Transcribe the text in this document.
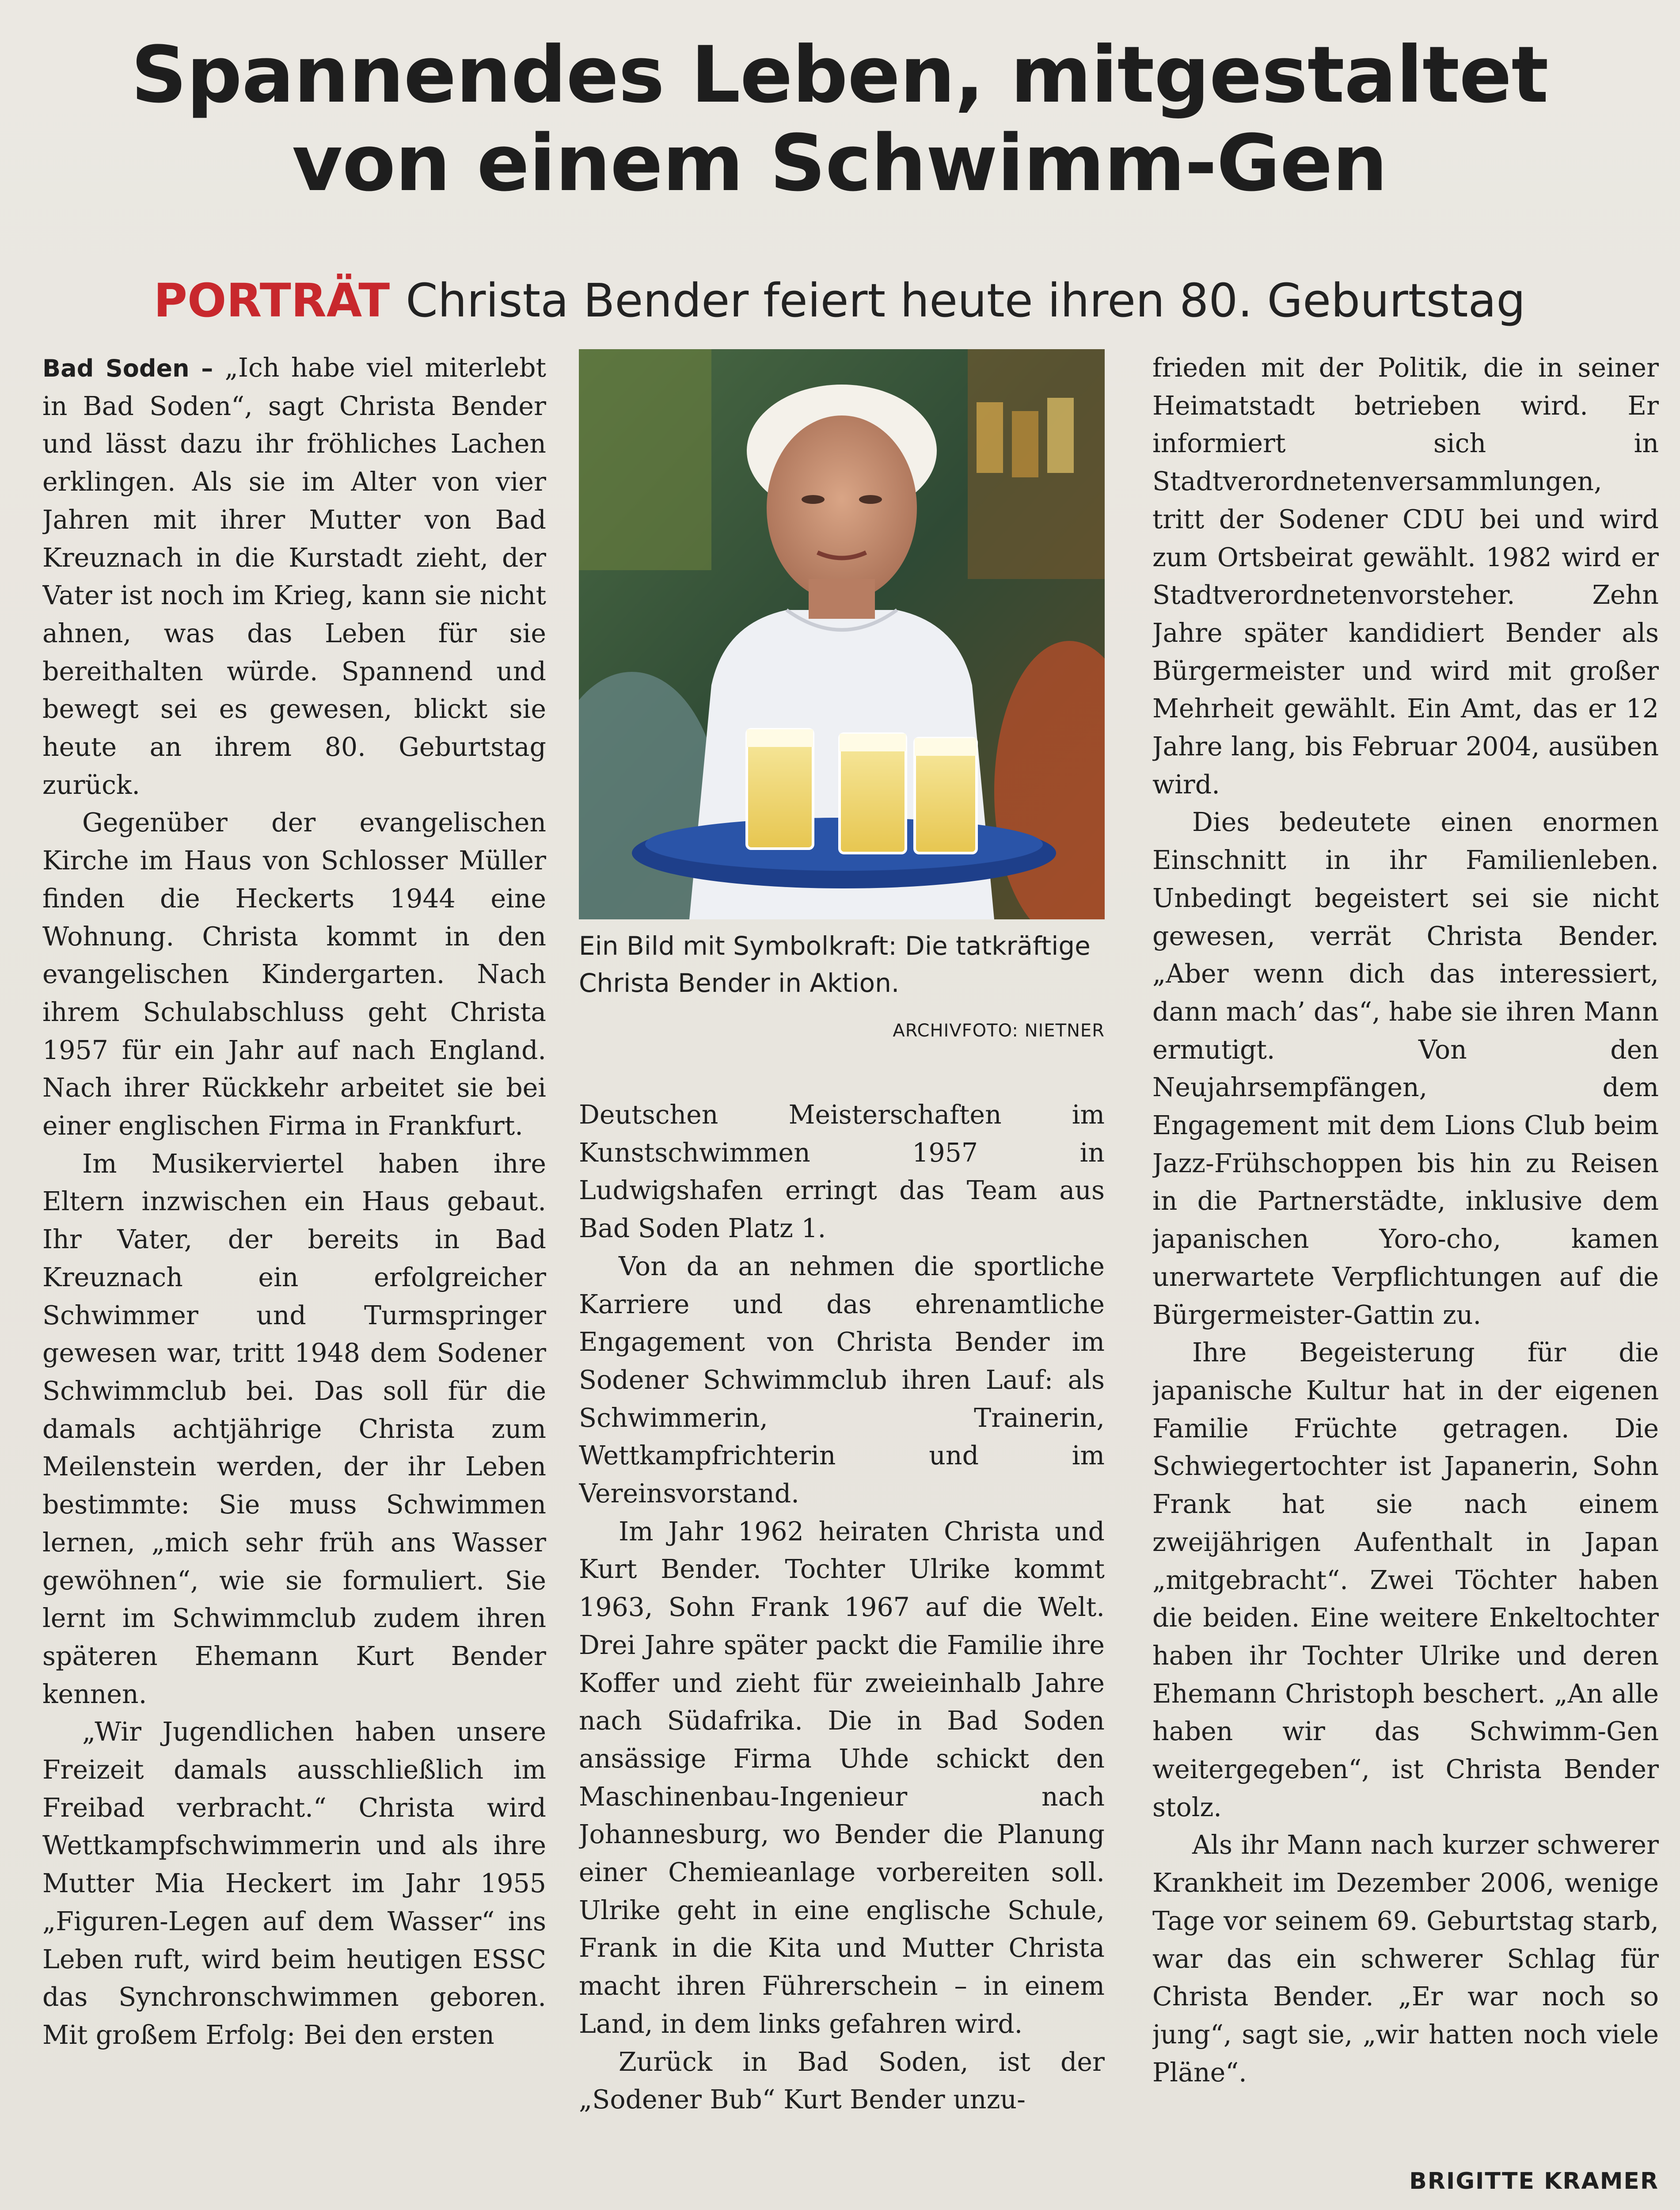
Spannendes Leben, mitgestaltet
von einem Schwimm-Gen
PORTRÄT Christa Bender feiert heute ihren 80. Geburtstag

Bad Soden – „Ich habe viel miterlebt in Bad Soden“, sagt Christa Bender und lässt dazu ihr fröhliches Lachen erklingen. Als sie im Alter von vier Jahren mit ihrer Mutter von Bad Kreuznach in die Kurstadt zieht, der Vater ist noch im Krieg, kann sie nicht ahnen, was das Leben für sie bereithalten würde. Spannend und bewegt sei es gewesen, blickt sie heute an ihrem 80. Geburtstag zurück.

Gegenüber der evangelischen Kirche im Haus von Schlosser Müller finden die Heckerts 1944 eine Wohnung. Christa kommt in den evangelischen Kindergarten. Nach ihrem Schulabschluss geht Christa 1957 für ein Jahr auf nach England. Nach ihrer Rückkehr arbeitet sie bei einer englischen Firma in Frankfurt.

Im Musikerviertel haben ihre Eltern inzwischen ein Haus gebaut. Ihr Vater, der bereits in Bad Kreuznach ein erfolgreicher Schwimmer und Turmspringer gewesen war, tritt 1948 dem Sodener Schwimmclub bei. Das soll für die damals achtjährige Christa zum Meilenstein werden, der ihr Leben bestimmte: Sie muss Schwimmen lernen, „mich sehr früh ans Wasser gewöhnen“, wie sie formuliert. Sie lernt im Schwimmclub zudem ihren späteren Ehemann Kurt Bender kennen.

„Wir Jugendlichen haben unsere Freizeit damals ausschließlich im Freibad verbracht.“ Christa wird Wettkampfschwimmerin und als ihre Mutter Mia Heckert im Jahr 1955 „Figuren-Legen auf dem Wasser“ ins Leben ruft, wird beim heutigen ESSC das Synchronschwimmen geboren. Mit großem Erfolg: Bei den ersten

Ein Bild mit Symbolkraft: Die tatkräftige Christa Bender in Aktion.
ARCHIVFOTO: NIETNER

Deutschen Meisterschaften im Kunstschwimmen 1957 in Ludwigshafen erringt das Team aus Bad Soden Platz 1.

Von da an nehmen die sportliche Karriere und das ehrenamtliche Engagement von Christa Bender im Sodener Schwimmclub ihren Lauf: als Schwimmerin, Trainerin, Wettkampfrichterin und im Vereinsvorstand.

Im Jahr 1962 heiraten Christa und Kurt Bender. Tochter Ulrike kommt 1963, Sohn Frank 1967 auf die Welt. Drei Jahre später packt die Familie ihre Koffer und zieht für zweieinhalb Jahre nach Südafrika. Die in Bad Soden ansässige Firma Uhde schickt den Maschinenbau-Ingenieur nach Johannesburg, wo Bender die Planung einer Chemieanlage vorbereiten soll. Ulrike geht in eine englische Schule, Frank in die Kita und Mutter Christa macht ihren Führerschein – in einem Land, in dem links gefahren wird.

Zurück in Bad Soden, ist der „Sodener Bub“ Kurt Bender unzu-

frieden mit der Politik, die in seiner Heimatstadt betrieben wird. Er informiert sich in Stadtverordnetenversammlungen, tritt der Sodener CDU bei und wird zum Ortsbeirat gewählt. 1982 wird er Stadtverordnetenvorsteher. Zehn Jahre später kandidiert Bender als Bürgermeister und wird mit großer Mehrheit gewählt. Ein Amt, das er 12 Jahre lang, bis Februar 2004, ausüben wird.

Dies bedeutete einen enormen Einschnitt in ihr Familienleben. Unbedingt begeistert sei sie nicht gewesen, verrät Christa Bender. „Aber wenn dich das interessiert, dann mach’ das“, habe sie ihren Mann ermutigt. Von den Neujahrsempfängen, dem Engagement mit dem Lions Club beim Jazz-Frühschoppen bis hin zu Reisen in die Partnerstädte, inklusive dem japanischen Yoro-cho, kamen unerwartete Verpflichtungen auf die Bürgermeister-Gattin zu.

Ihre Begeisterung für die japanische Kultur hat in der eigenen Familie Früchte getragen. Die Schwiegertochter ist Japanerin, Sohn Frank hat sie nach einem zweijährigen Aufenthalt in Japan „mitgebracht“. Zwei Töchter haben die beiden. Eine weitere Enkeltochter haben ihr Tochter Ulrike und deren Ehemann Christoph beschert. „An alle haben wir das Schwimm-Gen weitergegeben“, ist Christa Bender stolz.

Als ihr Mann nach kurzer schwerer Krankheit im Dezember 2006, wenige Tage vor seinem 69. Geburtstag starb, war das ein schwerer Schlag für Christa Bender. „Er war noch so jung“, sagt sie, „wir hatten noch viele Pläne“.

BRIGITTE KRAMER
